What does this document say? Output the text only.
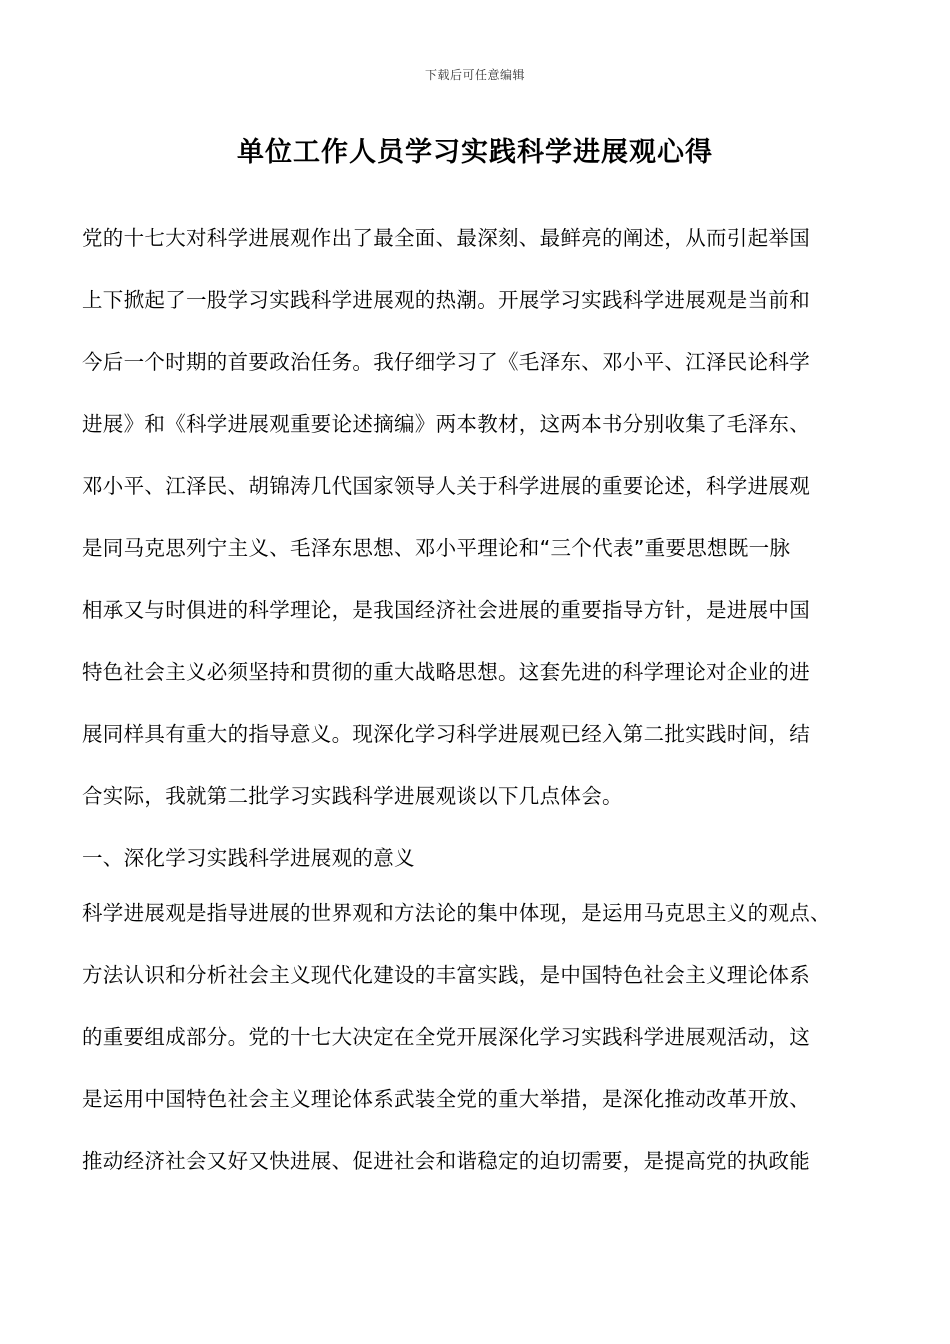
下载后可任意编辑
单位工作人员学习实践科学进展观心得
党的十七大对科学进展观作出了最全面、最深刻、最鲜亮的阐述，从而引起举国
上下掀起了一股学习实践科学进展观的热潮。开展学习实践科学进展观是当前和
今后一个时期的首要政治任务。我仔细学习了《毛泽东、邓小平、江泽民论科学
进展》和《科学进展观重要论述摘编》两本教材，这两本书分别收集了毛泽东、
邓小平、江泽民、胡锦涛几代国家领导人关于科学进展的重要论述，科学进展观
是同马克思列宁主义、毛泽东思想、邓小平理论和“三个代表”重要思想既一脉
相承又与时俱进的科学理论，是我国经济社会进展的重要指导方针，是进展中国
特色社会主义必须坚持和贯彻的重大战略思想。这套先进的科学理论对企业的进
展同样具有重大的指导意义。现深化学习科学进展观已经入第二批实践时间，结
合实际，我就第二批学习实践科学进展观谈以下几点体会。
一、深化学习实践科学进展观的意义
科学进展观是指导进展的世界观和方法论的集中体现，是运用马克思主义的观点、
方法认识和分析社会主义现代化建设的丰富实践，是中国特色社会主义理论体系
的重要组成部分。党的十七大决定在全党开展深化学习实践科学进展观活动，这
是运用中国特色社会主义理论体系武装全党的重大举措，是深化推动改革开放、
推动经济社会又好又快进展、促进社会和谐稳定的迫切需要，是提高党的执政能
